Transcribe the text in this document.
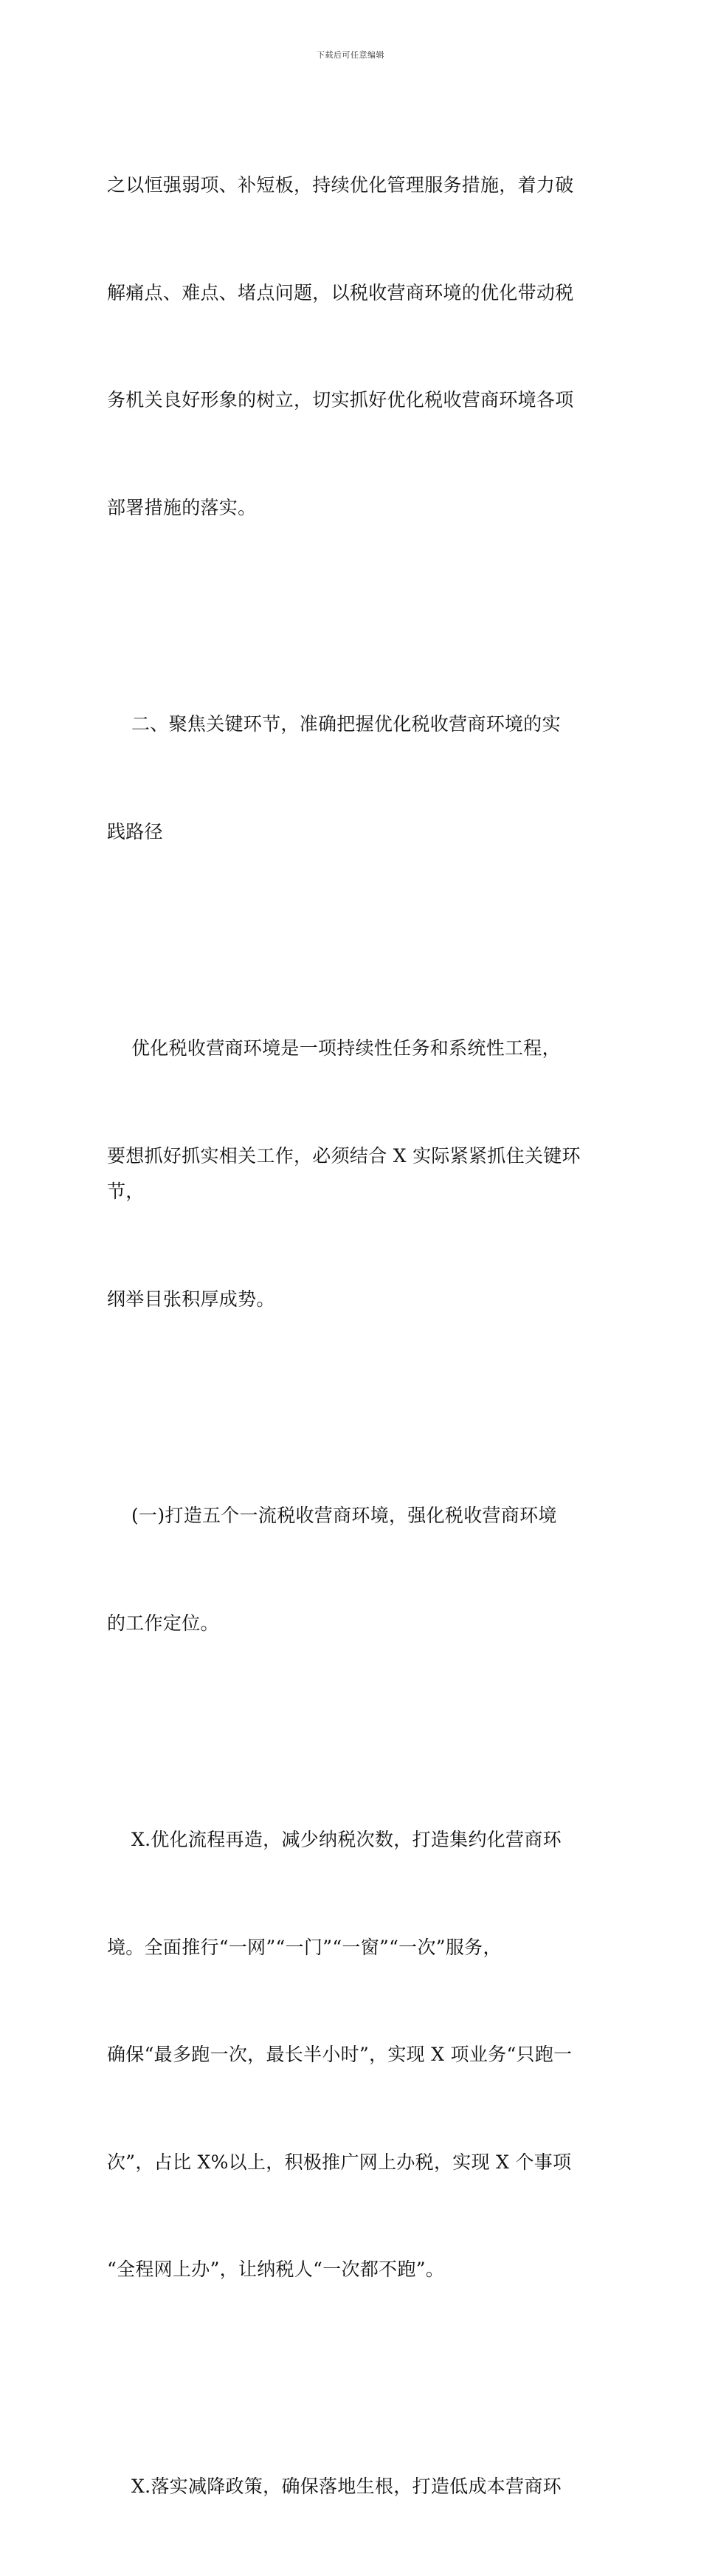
下载后可任意编辑

之以恒强弱项、补短板，持续优化管理服务措施，着力破

解痛点、难点、堵点问题，以税收营商环境的优化带动税

务机关良好形象的树立，切实抓好优化税收营商环境各项

部署措施的落实。

二、聚焦关键环节，准确把握优化税收营商环境的实

践路径

优化税收营商环境是一项持续性任务和系统性工程，

要想抓好抓实相关工作，必须结合 X 实际紧紧抓住关键环节，

纲举目张积厚成势。

(一)打造五个一流税收营商环境，强化税收营商环境

的工作定位。

X.优化流程再造，减少纳税次数，打造集约化营商环

境。全面推行“一网”“一门”“一窗”“一次”服务，

确保“最多跑一次，最长半小时”，实现 X 项业务“只跑一

次”，占比 X%以上，积极推广网上办税，实现 X 个事项

“全程网上办”，让纳税人“一次都不跑”。

X.落实减降政策，确保落地生根，打造低成本营商环
